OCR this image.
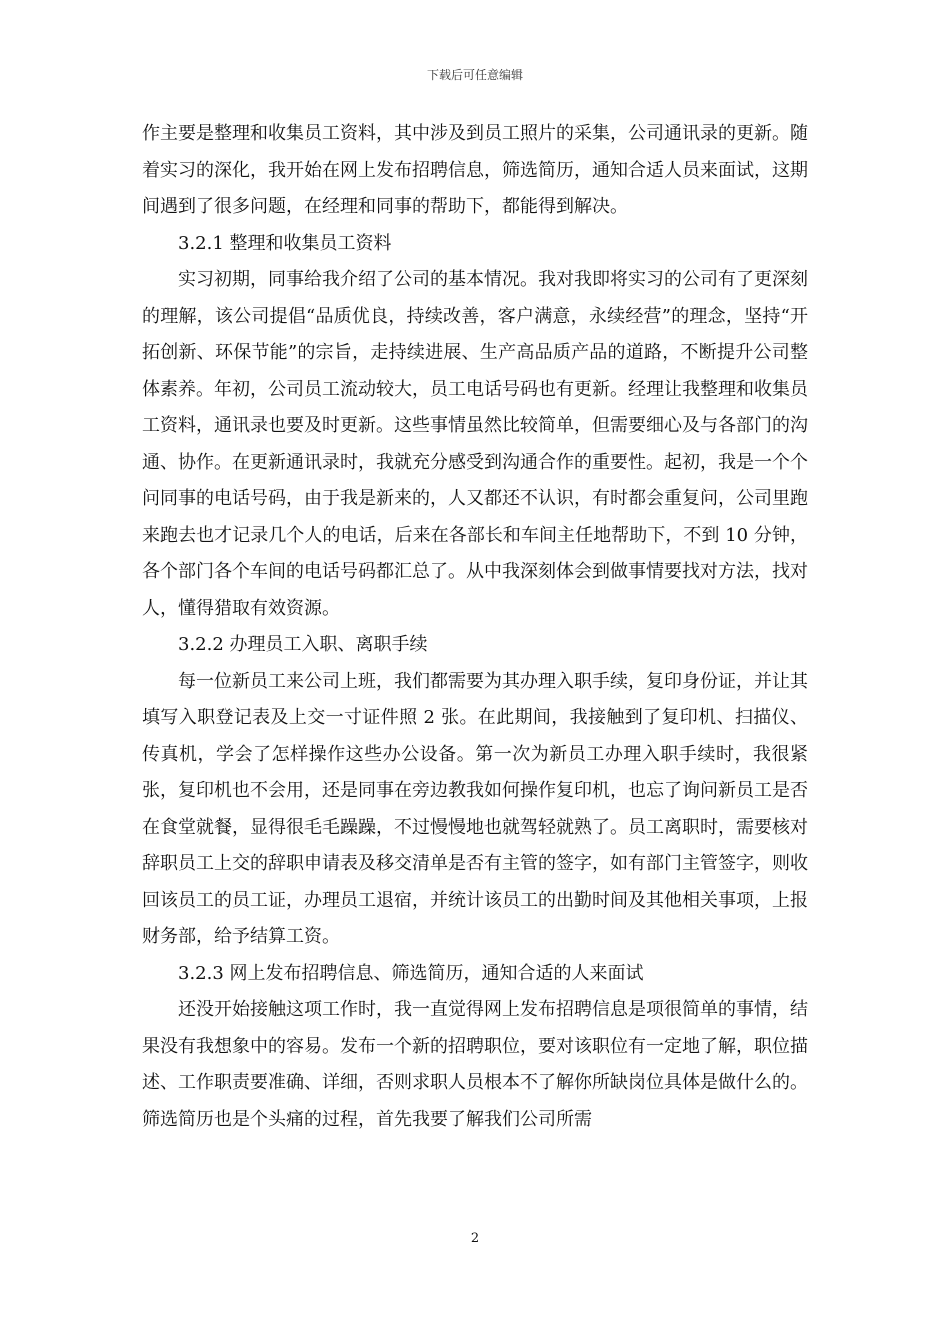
下载后可任意编辑

作主要是整理和收集员工资料，其中涉及到员工照片的采集，公司通讯录的更新。随着实习的深化，我开始在网上发布招聘信息，筛选简历，通知合适人员来面试，这期间遇到了很多问题，在经理和同事的帮助下，都能得到解决。

3.2.1 整理和收集员工资料

实习初期，同事给我介绍了公司的基本情况。我对我即将实习的公司有了更深刻的理解，该公司提倡“品质优良，持续改善，客户满意，永续经营”的理念，坚持“开拓创新、环保节能”的宗旨，走持续进展、生产高品质产品的道路，不断提升公司整体素养。年初，公司员工流动较大，员工电话号码也有更新。经理让我整理和收集员工资料，通讯录也要及时更新。这些事情虽然比较简单，但需要细心及与各部门的沟通、协作。在更新通讯录时，我就充分感受到沟通合作的重要性。起初，我是一个个问同事的电话号码，由于我是新来的，人又都还不认识，有时都会重复问，公司里跑来跑去也才记录几个人的电话，后来在各部长和车间主任地帮助下，不到 10 分钟，各个部门各个车间的电话号码都汇总了。从中我深刻体会到做事情要找对方法，找对人，懂得猎取有效资源。

3.2.2 办理员工入职、离职手续

每一位新员工来公司上班，我们都需要为其办理入职手续，复印身份证，并让其填写入职登记表及上交一寸证件照 2 张。在此期间，我接触到了复印机、扫描仪、传真机，学会了怎样操作这些办公设备。第一次为新员工办理入职手续时，我很紧张，复印机也不会用，还是同事在旁边教我如何操作复印机，也忘了询问新员工是否在食堂就餐，显得很毛毛躁躁，不过慢慢地也就驾轻就熟了。员工离职时，需要核对辞职员工上交的辞职申请表及移交清单是否有主管的签字，如有部门主管签字，则收回该员工的员工证，办理员工退宿，并统计该员工的出勤时间及其他相关事项，上报财务部，给予结算工资。

3.2.3 网上发布招聘信息、筛选简历，通知合适的人来面试

还没开始接触这项工作时，我一直觉得网上发布招聘信息是项很简单的事情，结果没有我想象中的容易。发布一个新的招聘职位，要对该职位有一定地了解，职位描述、工作职责要准确、详细，否则求职人员根本不了解你所缺岗位具体是做什么的。筛选简历也是个头痛的过程，首先我要了解我们公司所需

2
